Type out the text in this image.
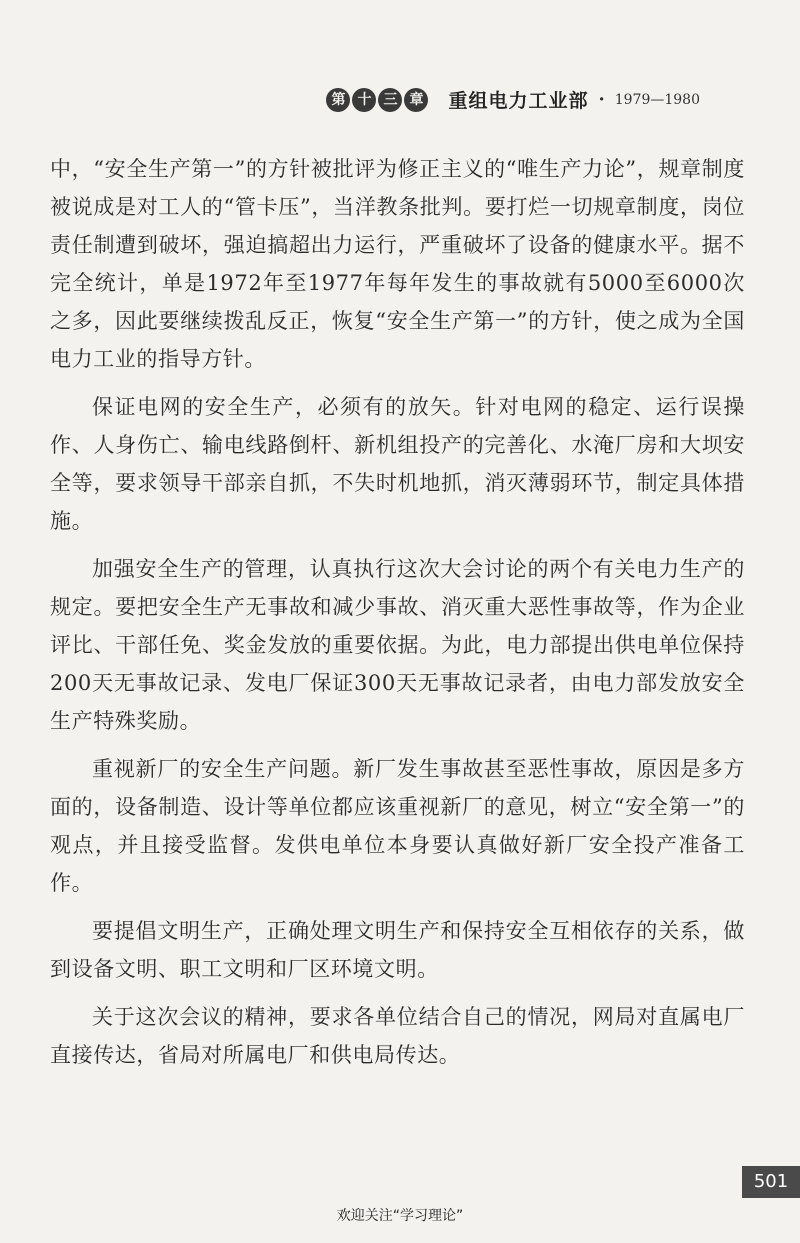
第 十 三 章 重组电力工业部 · 1979—1980

中，“安全生产第一”的方针被批评为修正主义的“唯生产力论”，规章制度被说成是对工人的“管卡压”，当洋教条批判。要打烂一切规章制度，岗位责任制遭到破坏，强迫搞超出力运行，严重破坏了设备的健康水平。据不完全统计，单是1972年至1977年每年发生的事故就有5000至6000次之多，因此要继续拨乱反正，恢复“安全生产第一”的方针，使之成为全国电力工业的指导方针。

保证电网的安全生产，必须有的放矢。针对电网的稳定、运行误操作、人身伤亡、输电线路倒杆、新机组投产的完善化、水淹厂房和大坝安全等，要求领导干部亲自抓，不失时机地抓，消灭薄弱环节，制定具体措施。

加强安全生产的管理，认真执行这次大会讨论的两个有关电力生产的规定。要把安全生产无事故和减少事故、消灭重大恶性事故等，作为企业评比、干部任免、奖金发放的重要依据。为此，电力部提出供电单位保持200天无事故记录、发电厂保证300天无事故记录者，由电力部发放安全生产特殊奖励。

重视新厂的安全生产问题。新厂发生事故甚至恶性事故，原因是多方面的，设备制造、设计等单位都应该重视新厂的意见，树立“安全第一”的观点，并且接受监督。发供电单位本身要认真做好新厂安全投产准备工作。

要提倡文明生产，正确处理文明生产和保持安全互相依存的关系，做到设备文明、职工文明和厂区环境文明。

关于这次会议的精神，要求各单位结合自己的情况，网局对直属电厂直接传达，省局对所属电厂和供电局传达。

501
欢迎关注“学习理论”
